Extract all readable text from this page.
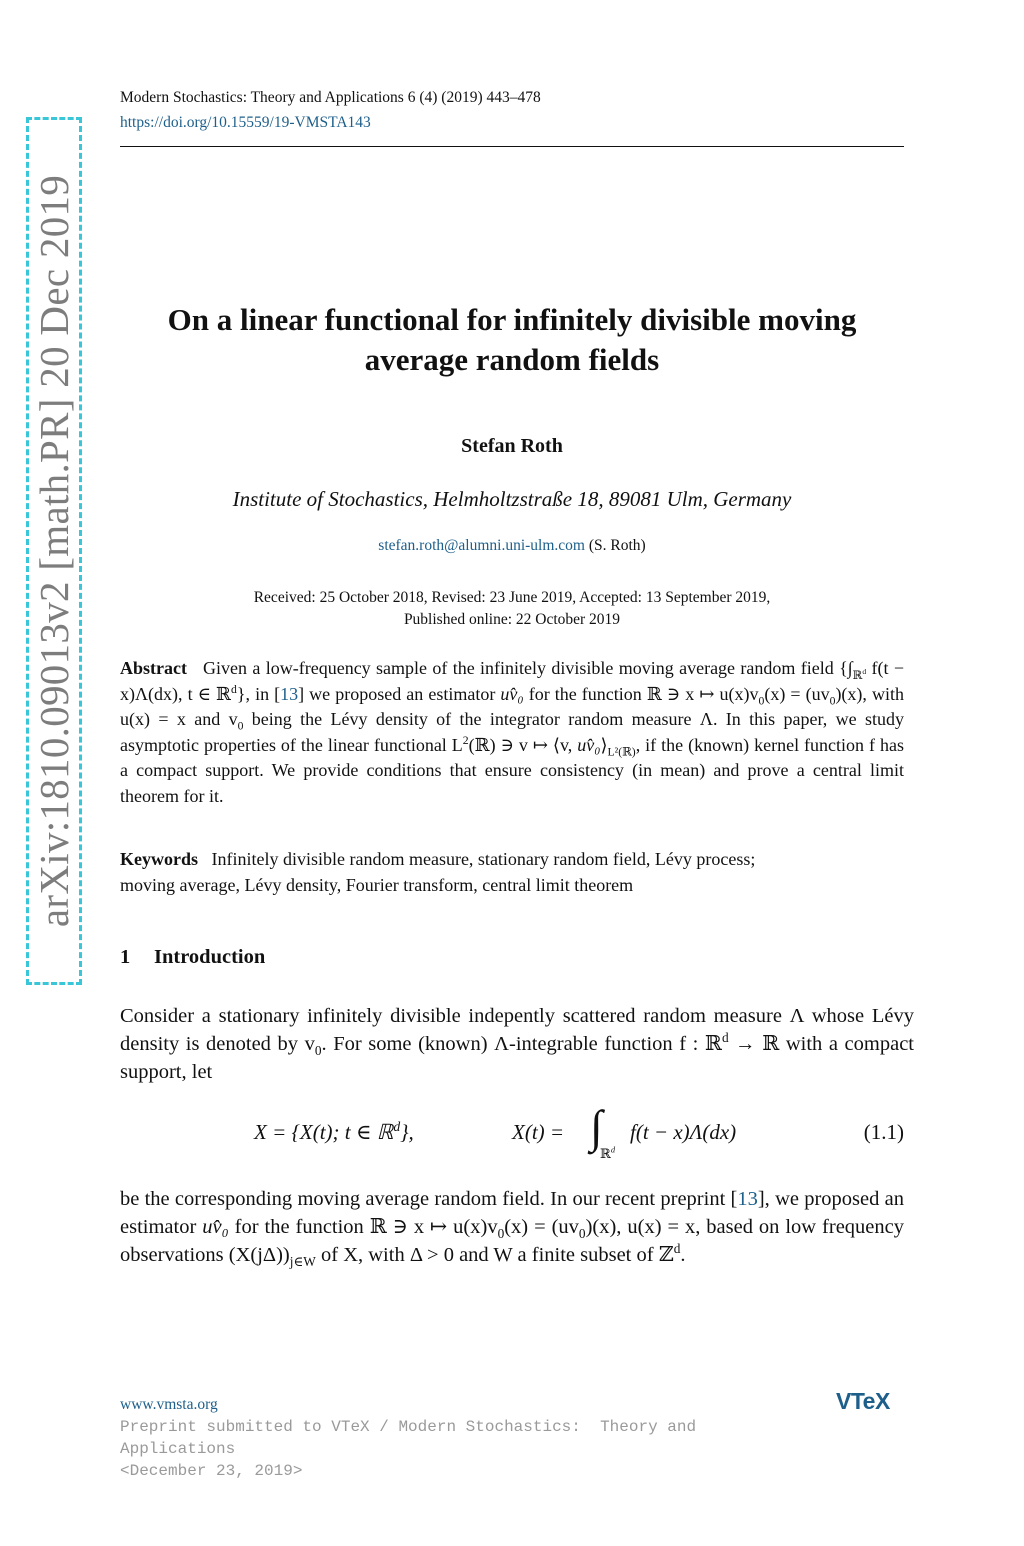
Modern Stochastics: Theory and Applications 6 (4) (2019) 443–478
https://doi.org/10.15559/19-VMSTA143
arXiv:1810.09013v2 [math.PR] 20 Dec 2019	On a linear functional for infinitely divisible moving
average random fields
Stefan Roth
Institute of Stochastics, Helmholtzstraße 18, 89081 Ulm, Germany
stefan.roth@alumni.uni-ulm.com (S. Roth)
Received: 25 October 2018, Revised: 23 June 2019, Accepted: 13 September 2019,
Published online: 22 October 2019
Abstract Given a low-frequency sample of the infinitely divisible moving average random field {$\int_{ℝ^d}$ f(t − x)Λ(dx), t ∈ ℝ$^d$}, in [13] we proposed an estimator uv̂₀ for the function ℝ ∋ x ↦ $u(x)v_0(x) = (uv_0)(x)$, with u(x) = x and $v_0$ being the Lévy density of the integrator random measure Λ. In this paper, we study asymptotic properties of the linear functional $L^2(ℝ)$ ∋ v ↦ ⟨v, $uv̂_0⟩_{L^2(ℝ)}$, if the (known) kernel function f has a compact support. We provide conditions that ensure consistency (in mean) and prove a central limit theorem for it.
Keywords Infinitely divisible random measure, stationary random field, Lévy process;
moving average, Lévy density, Fourier transform, central limit theorem
1 Introduction
Consider a stationary infinitely divisible indepently scattered random measure Λ whose Lévy density is denoted by $v_0$. For some (known) Λ-integrable function f : ℝ$^d$ → ℝ with a compact support, let
X = {X(t); t ∈ ℝ$^d$},	X(t) = ∫
ℝ$^d$
f(t − x)Λ(dx)	(1.1)
be the corresponding moving average random field. In our recent preprint [13], we proposed an estimator uv̂₀ for the function ℝ ∋ x ↦ $u(x)v_0(x) = (uv_0)(x)$, u(x) = x, based on low frequency observations $(X(j\Delta))_{j\in W}$ of X, with Δ > 0 and W a finite subset of ℤ$^d$.
www.vmsta.org
Preprint submitted to VTeX / Modern Stochastics:  Theory and
Applications
<December 23, 2019>
VTeX
